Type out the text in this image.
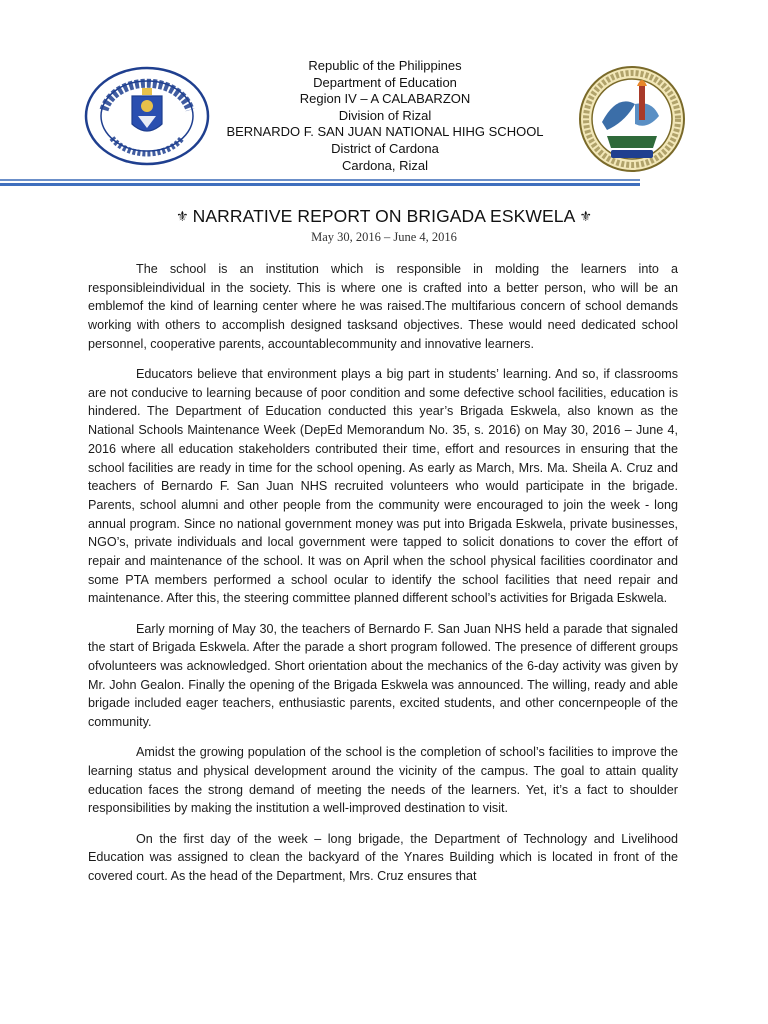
Republic of the Philippines
Department of Education
Region IV – A CALABARZON
Division of Rizal
BERNARDO F. SAN JUAN NATIONAL HIHG SCHOOL
District of Cardona
Cardona, Rizal
⚜ NARRATIVE REPORT ON BRIGADA ESKWELA ⚜
May 30, 2016 – June 4, 2016

The school is an institution which is responsible in molding the learners into a responsibleindividual in the society. This is where one is crafted into a better person, who will be an emblemof the kind of learning center where he was raised.The multifarious concern of school demands working with others to accomplish designed tasksand objectives. These would need dedicated school personnel, cooperative parents, accountablecommunity and innovative learners.

Educators believe that environment plays a big part in students’ learning. And so, if classrooms are not conducive to learning because of poor condition and some defective school facilities, education is hindered. The Department of Education conducted this year’s Brigada Eskwela, also known as the National Schools Maintenance Week (DepEd Memorandum No. 35, s. 2016) on May 30, 2016 – June 4, 2016 where all education stakeholders contributed their time, effort and resources in ensuring that the school facilities are ready in time for the school opening. As early as March, Mrs. Ma. Sheila A. Cruz and teachers of Bernardo F. San Juan NHS recruited volunteers who would participate in the brigade. Parents, school alumni and other people from the community were encouraged to join the week - long annual program. Since no national government money was put into Brigada Eskwela, private businesses, NGO’s, private individuals and local government were tapped to solicit donations to cover the effort of repair and maintenance of the school. It was on April when the school physical facilities coordinator and some PTA members performed a school ocular to identify the school facilities that need repair and maintenance. After this, the steering committee planned different school’s activities for Brigada Eskwela.

Early morning of May 30, the teachers of Bernardo F. San Juan NHS held a parade that signaled the start of Brigada Eskwela. After the parade a short program followed. The presence of different groups ofvolunteers was acknowledged. Short orientation about the mechanics of the 6-day activity was given by Mr. John Gealon. Finally the opening of the Brigada Eskwela was announced. The willing, ready and able brigade included eager teachers, enthusiastic parents, excited students, and other concernpeople of the community.

Amidst the growing population of the school is the completion of school’s facilities to improve the learning status and physical development around the vicinity of the campus. The goal to attain quality education faces the strong demand of meeting the needs of the learners. Yet, it’s a fact to shoulder responsibilities by making the institution a well-improved destination to visit.

On the first day of the week – long brigade, the Department of Technology and Livelihood Education was assigned to clean the backyard of the Ynares Building which is located in front of the covered court. As the head of the Department, Mrs. Cruz ensures that
